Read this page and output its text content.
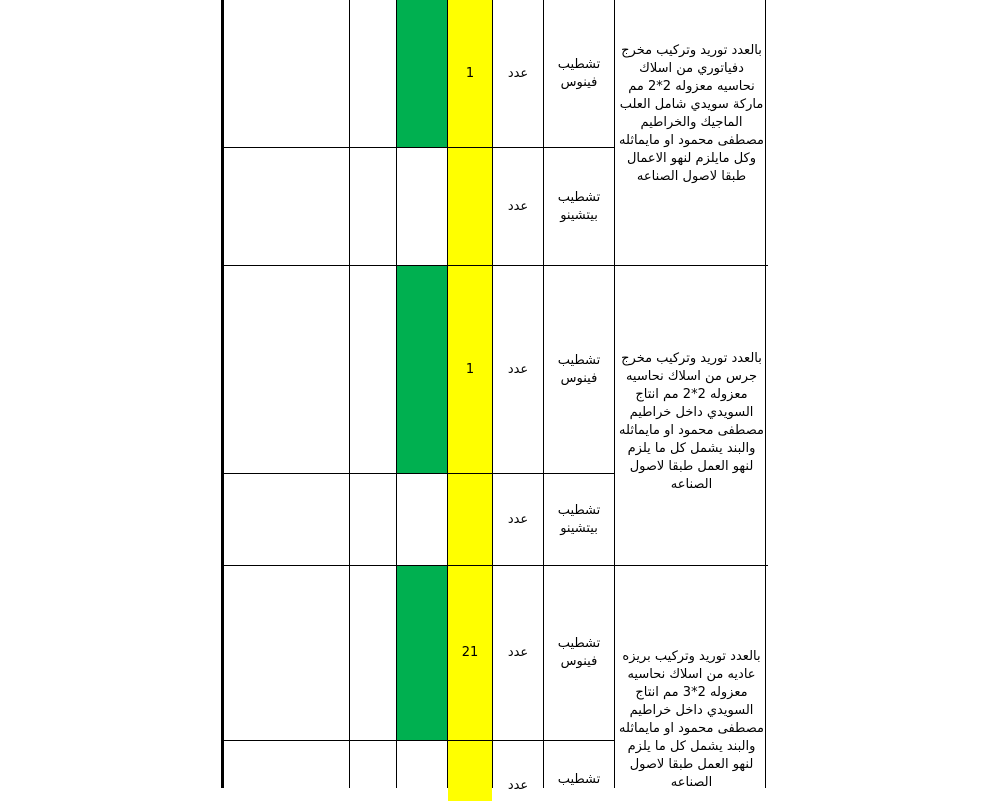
1
1
21
عدد
عدد
عدد
عدد
عدد
عدد
تشطيب فينوس
تشطيب بيتشينو
تشطيب فينوس
تشطيب بيتشينو
تشطيب فينوس
تشطيب
بالعدد توريد وتركيب مخرج دفياتوري من اسلاك نحاسيه معزوله 2*2 مم ماركة سويدي شامل العلب الماجيك والخراطيم مصطفى محمود او مايماثله وكل مايلزم لنهو الاعمال طبقا لاصول الصناعه
بالعدد توريد وتركيب مخرج جرس من اسلاك نحاسيه معزوله 2*2 مم انتاج السويدي داخل خراطيم مصطفى محمود او مايماثله والبند يشمل كل ما يلزم لنهو العمل طبقا لاصول الصناعه
بالعدد توريد وتركيب بريزه عاديه من اسلاك نحاسيه معزوله 2*3 مم انتاج السويدي داخل خراطيم مصطفى محمود او مايماثله والبند يشمل كل ما يلزم لنهو العمل طبقا لاصول الصناعه
